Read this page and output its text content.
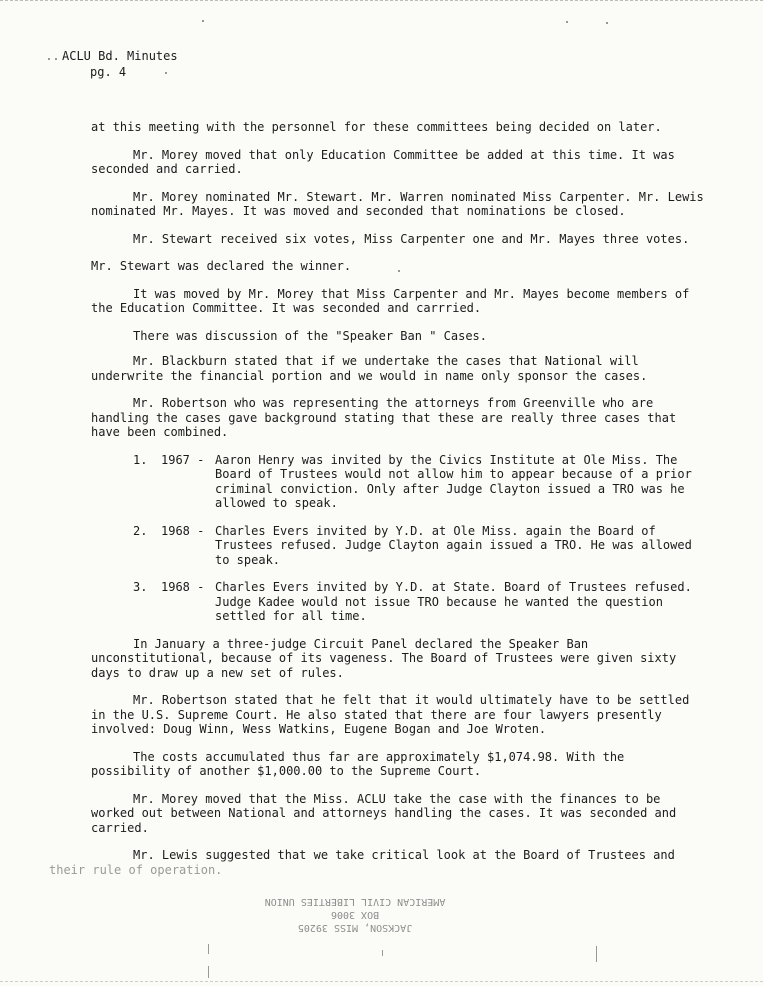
ACLU Bd. Minutes
pg. 4

at this meeting with the personnel for these committees being decided on later.

Mr. Morey moved that only Education Committee be added at this time. It was seconded and carried.

Mr. Morey nominated Mr. Stewart. Mr. Warren nominated Miss Carpenter. Mr. Lewis nominated Mr. Mayes. It was moved and seconded that nominations be closed.

Mr. Stewart received six votes, Miss Carpenter one and Mr. Mayes three votes.

Mr. Stewart was declared the winner.

It was moved by Mr. Morey that Miss Carpenter and Mr. Mayes become members of the Education Committee. It was seconded and carrried.

There was discussion of the "Speaker Ban " Cases.

Mr. Blackburn stated that if we undertake the cases that National will underwrite the financial portion and we would in name only sponsor the cases.

Mr. Robertson who was representing the attorneys from Greenville who are handling the cases gave background stating that these are really three cases that have been combined.

1.	1967 - Aaron Henry was invited by the Civics Institute at Ole Miss. The Board of Trustees would not allow him to appear because of a prior criminal conviction. Only after Judge Clayton issued a TRO was he allowed to speak.
2.	1968 - Charles Evers invited by Y.D. at Ole Miss. again the Board of Trustees refused. Judge Clayton again issued a TRO. He was allowed to speak.
3.	1968 - Charles Evers invited by Y.D. at State. Board of Trustees refused. Judge Kadee would not issue TRO because he wanted the question settled for all time.

In January a three-judge Circuit Panel declared the Speaker Ban unconstitutional, because of its vageness. The Board of Trustees were given sixty days to draw up a new set of rules.

Mr. Robertson stated that he felt that it would ultimately have to be settled in the U.S. Supreme Court. He also stated that there are four lawyers presently involved: Doug Winn, Wess Watkins, Eugene Bogan and Joe Wroten.

The costs accumulated thus far are approximately $1,074.98. With the possibility of another $1,000.00 to the Supreme Court.

Mr. Morey moved that the Miss. ACLU take the case with the finances to be worked out between National and attorneys handling the cases. It was seconded and carried.

Mr. Lewis suggested that we take critical look at the Board of Trustees and
their rule of operation.

JACKSON, MISS 39205
BOX 3006
AMERICAN CIVIL LIBERTIES UNION
